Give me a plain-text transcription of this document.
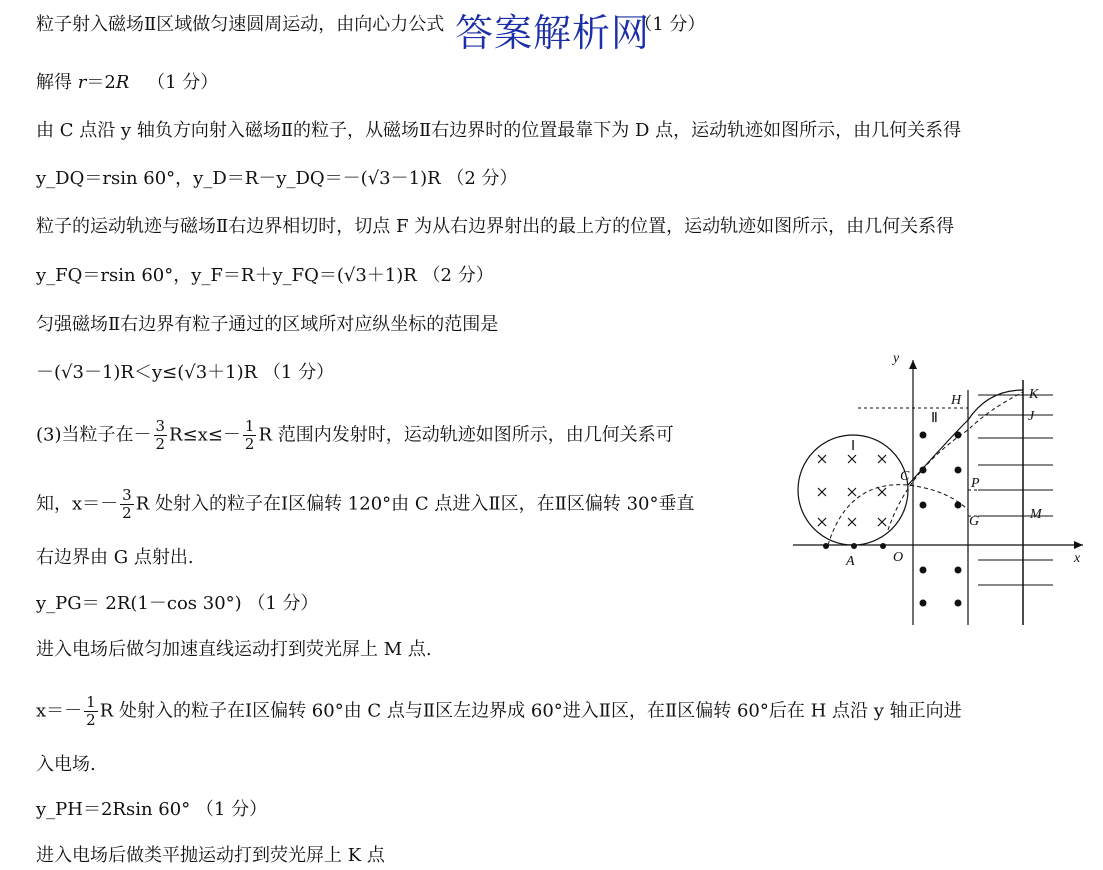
答案解析网
粒子射入磁场Ⅱ区域做匀速圆周运动，由向心力公式	（1 分）
解得 r＝2R （1 分）
由 C 点沿 y 轴负方向射入磁场Ⅱ的粒子，从磁场Ⅱ右边界时的位置最靠下为 D 点，运动轨迹如图所示，由几何关系得
y_DQ＝rsin 60°，y_D＝R－y_DQ＝－(√3－1)R （2 分）
粒子的运动轨迹与磁场Ⅱ右边界相切时，切点 F 为从右边界射出的最上方的位置，运动轨迹如图所示，由几何关系得
y_FQ＝rsin 60°，y_F＝R＋y_FQ＝(√3＋1)R （2 分）
匀强磁场Ⅱ右边界有粒子通过的区域所对应纵坐标的范围是
－(√3－1)R＜y≤(√3＋1)R （1 分）
(3)当粒子在－ $\frac{3}{2} R\le x\le- \frac{1}{2}$ R 范围内发射时，运动轨迹如图所示，由几何关系可
知，$x=- \frac{3}{2}$ R 处射入的粒子在Ⅰ区偏转 120°由 C 点进入Ⅱ区，在Ⅱ区偏转 30°垂直
右边界由 G 点射出.
y_PG＝ 2R(1－cos 30°) （1 分）
进入电场后做匀加速直线运动打到荧光屏上 M 点.
$x=- \frac{1}{2}$ R 处射入的粒子在Ⅰ区偏转 60°由 C 点与Ⅱ区左边界成 60°进入Ⅱ区，在Ⅱ区偏转 60°后在 H 点沿 y 轴正向进
入电场.
y_PH＝2Rsin 60° （1 分）
进入电场后做类平抛运动打到荧光屏上 K 点
y
x
O
A
C
H	K
J
P
G	M
Ⅰ
Ⅱ
